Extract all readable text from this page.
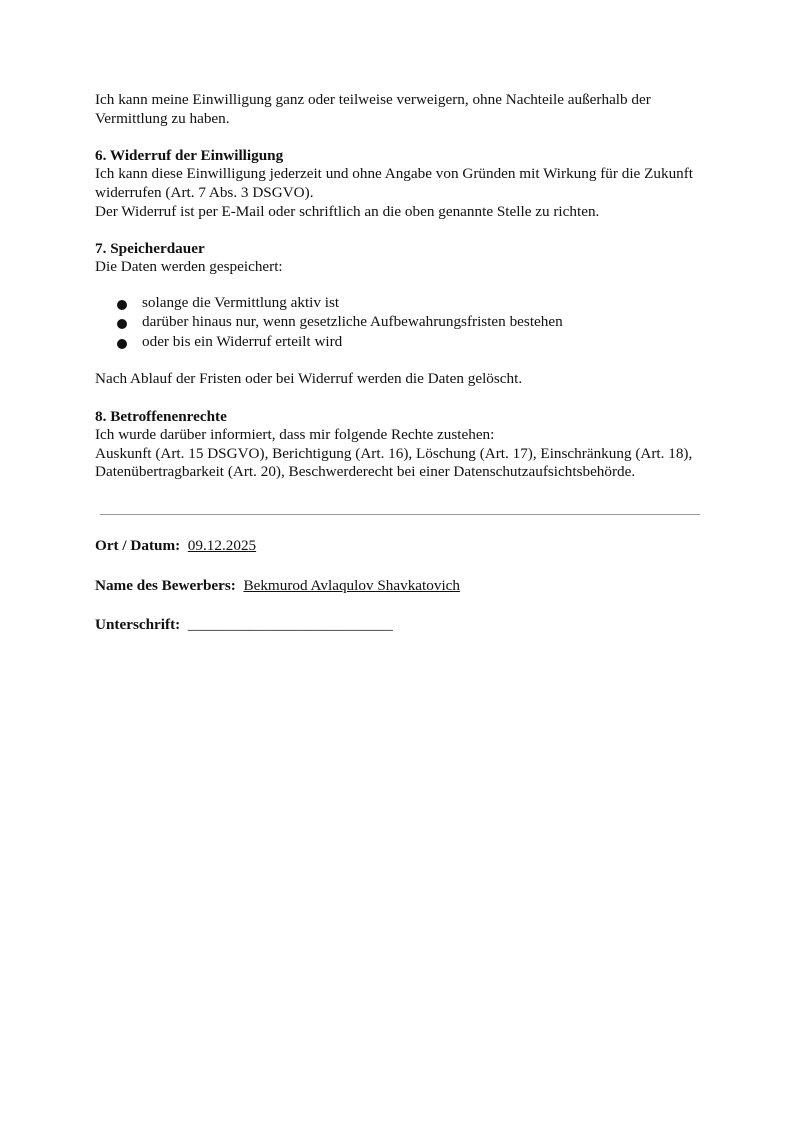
Ich kann meine Einwilligung ganz oder teilweise verweigern, ohne Nachteile außerhalb der Vermittlung zu haben.

6. Widerruf der Einwilligung

Ich kann diese Einwilligung jederzeit und ohne Angabe von Gründen mit Wirkung für die Zukunft widerrufen (Art. 7 Abs. 3 DSGVO).

Der Widerruf ist per E-Mail oder schriftlich an die oben genannte Stelle zu richten.

7. Speicherdauer

Die Daten werden gespeichert:

solange die Vermittlung aktiv ist
darüber hinaus nur, wenn gesetzliche Aufbewahrungsfristen bestehen
oder bis ein Widerruf erteilt wird

Nach Ablauf der Fristen oder bei Widerruf werden die Daten gelöscht.

8. Betroffenenrechte

Ich wurde darüber informiert, dass mir folgende Rechte zustehen:

Auskunft (Art. 15 DSGVO), Berichtigung (Art. 16), Löschung (Art. 17), Einschränkung (Art. 18), Datenübertragbarkeit (Art. 20), Beschwerderecht bei einer Datenschutzaufsichtsbehörde.

Ort / Datum:  09.12.2025
Name des Bewerbers:  Bekmurod Avlaqulov Shavkatovich
Unterschrift:  ___________________________
